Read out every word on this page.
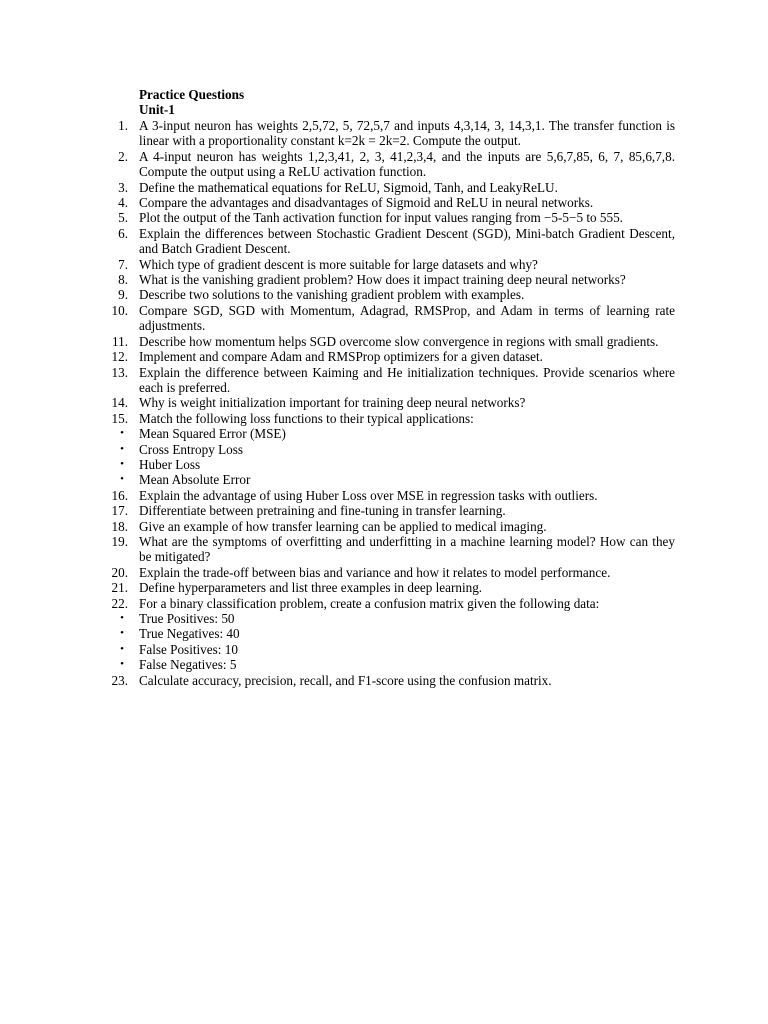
Practice Questions
Unit-1
1. A 3-input neuron has weights 2,5,72, 5, 72,5,7 and inputs 4,3,14, 3, 14,3,1. The transfer function is linear with a proportionality constant k=2k = 2k=2. Compute the output.
2. A 4-input neuron has weights 1,2,3,41, 2, 3, 41,2,3,4, and the inputs are 5,6,7,85, 6, 7, 85,6,7,8. Compute the output using a ReLU activation function.
3. Define the mathematical equations for ReLU, Sigmoid, Tanh, and LeakyReLU.
4. Compare the advantages and disadvantages of Sigmoid and ReLU in neural networks.
5. Plot the output of the Tanh activation function for input values ranging from −5-5−5 to 555.
6. Explain the differences between Stochastic Gradient Descent (SGD), Mini-batch Gradient Descent, and Batch Gradient Descent.
7. Which type of gradient descent is more suitable for large datasets and why?
8. What is the vanishing gradient problem? How does it impact training deep neural networks?
9. Describe two solutions to the vanishing gradient problem with examples.
10. Compare SGD, SGD with Momentum, Adagrad, RMSProp, and Adam in terms of learning rate adjustments.
11. Describe how momentum helps SGD overcome slow convergence in regions with small gradients.
12. Implement and compare Adam and RMSProp optimizers for a given dataset.
13. Explain the difference between Kaiming and He initialization techniques. Provide scenarios where each is preferred.
14. Why is weight initialization important for training deep neural networks?
15. Match the following loss functions to their typical applications:
• Mean Squared Error (MSE)
• Cross Entropy Loss
• Huber Loss
• Mean Absolute Error
16. Explain the advantage of using Huber Loss over MSE in regression tasks with outliers.
17. Differentiate between pretraining and fine-tuning in transfer learning.
18. Give an example of how transfer learning can be applied to medical imaging.
19. What are the symptoms of overfitting and underfitting in a machine learning model? How can they be mitigated?
20. Explain the trade-off between bias and variance and how it relates to model performance.
21. Define hyperparameters and list three examples in deep learning.
22. For a binary classification problem, create a confusion matrix given the following data:
• True Positives: 50
• True Negatives: 40
• False Positives: 10
• False Negatives: 5
23. Calculate accuracy, precision, recall, and F1-score using the confusion matrix.
